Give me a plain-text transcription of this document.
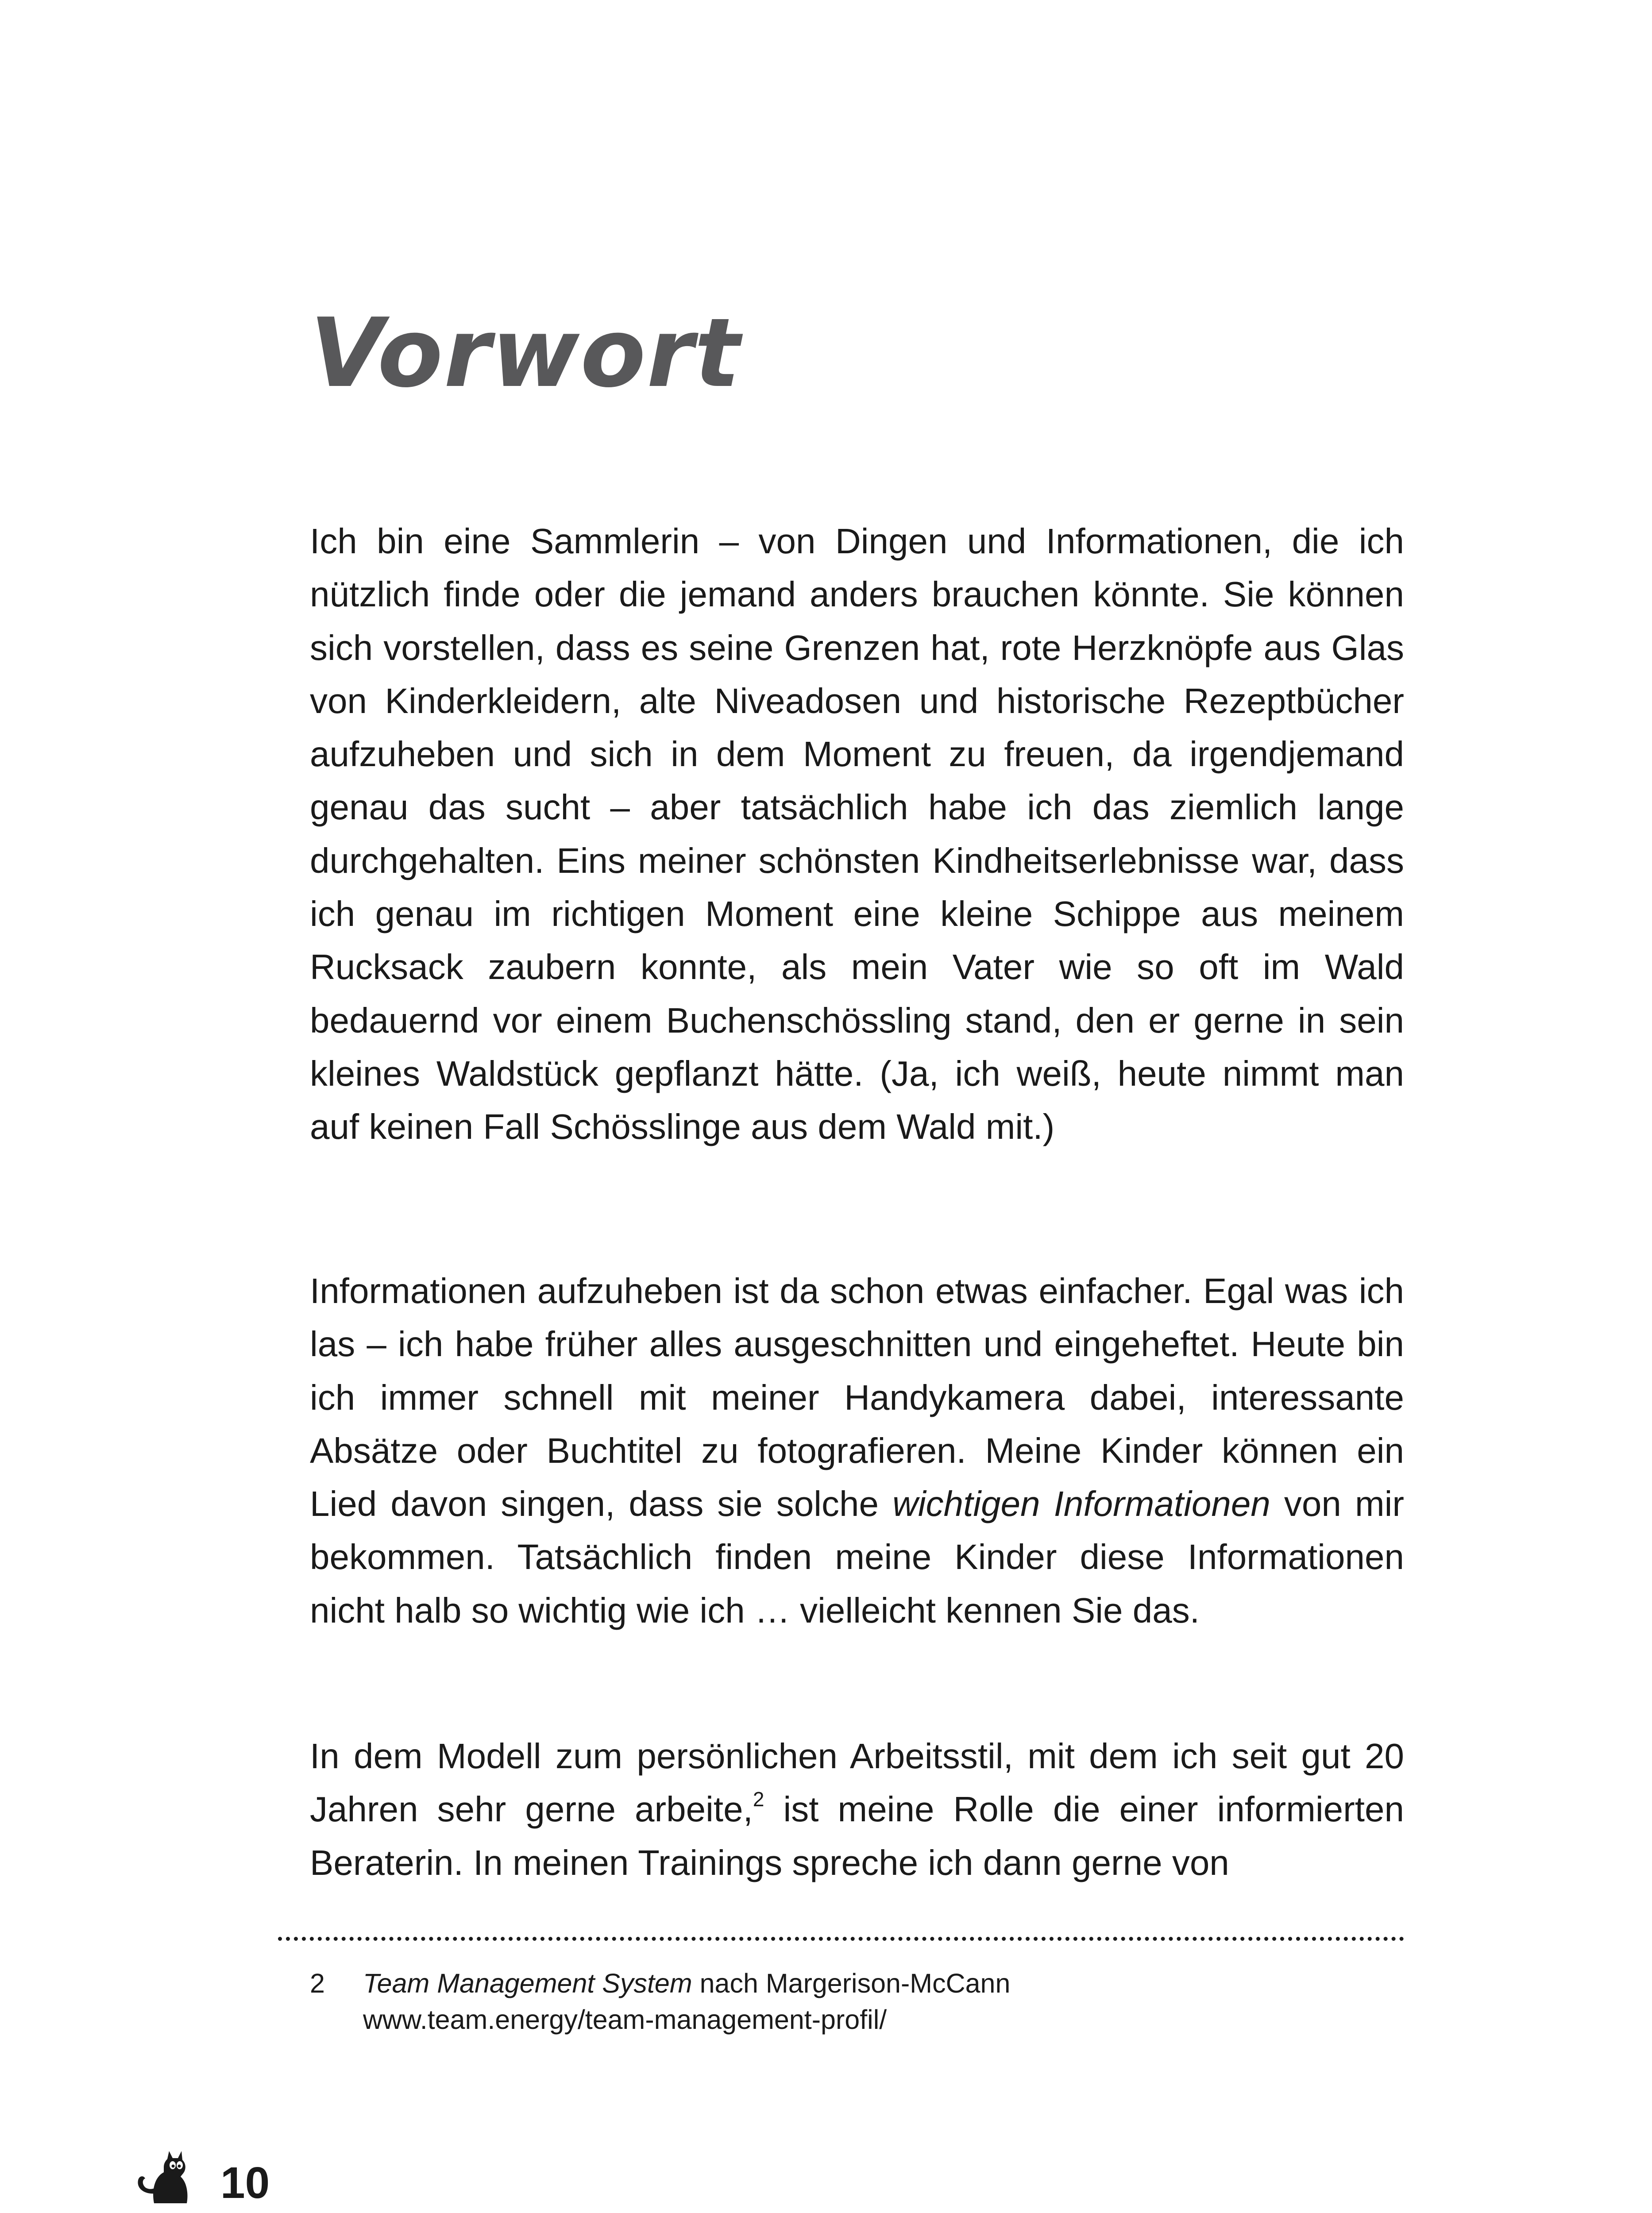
Vorwort

Ich bin eine Sammlerin – von Dingen und Informationen, die ich nützlich finde oder die jemand anders brauchen könnte. Sie können sich vorstellen, dass es seine Grenzen hat, rote Herzknöpfe aus Glas von Kinderkleidern, alte Niveadosen und historische Rezeptbücher aufzuheben und sich in dem Moment zu freuen, da irgendjemand genau das sucht – aber tatsächlich habe ich das ziemlich lange durchgehalten. Eins meiner schönsten Kindheitserlebnisse war, dass ich genau im richtigen Moment eine kleine Schippe aus meinem Rucksack zaubern konnte, als mein Vater wie so oft im Wald bedauernd vor einem Buchenschössling stand, den er gerne in sein kleines Waldstück gepflanzt hätte. (Ja, ich weiß, heute nimmt man auf keinen Fall Schösslinge aus dem Wald mit.)

Informationen aufzuheben ist da schon etwas einfacher. Egal was ich las – ich habe früher alles ausgeschnitten und eingeheftet. Heute bin ich immer schnell mit meiner Handykamera dabei, interessante Absätze oder Buchtitel zu fotografieren. Meine Kinder können ein Lied davon singen, dass sie solche wichtigen Informationen von mir bekommen. Tatsächlich finden meine Kinder diese Informationen nicht halb so wichtig wie ich … vielleicht kennen Sie das.

In dem Modell zum persönlichen Arbeitsstil, mit dem ich seit gut 20 Jahren sehr gerne arbeite,$^2$ ist meine Rolle die einer informierten Beraterin. In meinen Trainings spreche ich dann gerne von

2 Team Management System nach Margerison-McCann
www.team.energy/team-management-profil/
10
